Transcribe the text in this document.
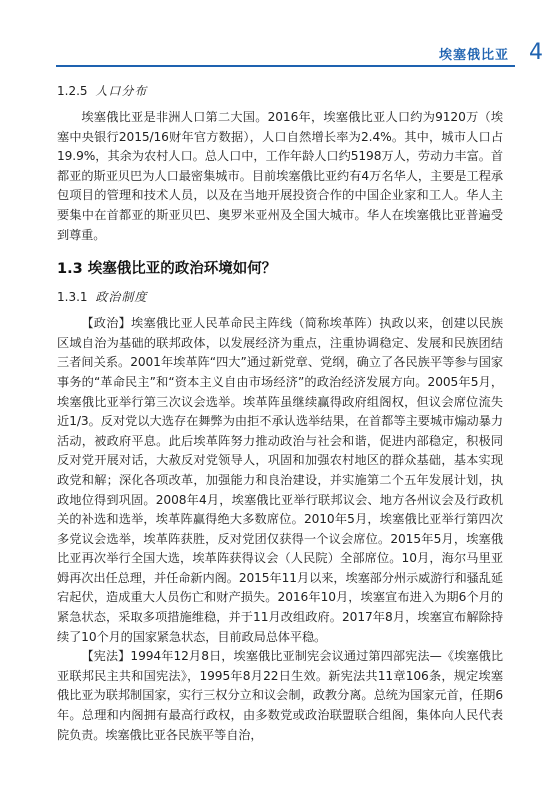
埃塞俄比亚 4

1.2.5 人口分布

埃塞俄比亚是非洲人口第二大国。2016年，埃塞俄比亚人口约为9120万（埃塞中央银行2015/16财年官方数据），人口自然增长率为2.4%。其中，城市人口占19.9%，其余为农村人口。总人口中，工作年龄人口约5198万人，劳动力丰富。首都亚的斯亚贝巴为人口最密集城市。目前埃塞俄比亚约有4万名华人，主要是工程承包项目的管理和技术人员，以及在当地开展投资合作的中国企业家和工人。华人主要集中在首都亚的斯亚贝巴、奥罗米亚州及全国大城市。华人在埃塞俄比亚普遍受到尊重。

1.3 埃塞俄比亚的政治环境如何？

1.3.1 政治制度

【政治】埃塞俄比亚人民革命民主阵线（简称埃革阵）执政以来，创建以民族区域自治为基础的联邦政体，以发展经济为重点，注重协调稳定、发展和民族团结三者间关系。2001年埃革阵“四大”通过新党章、党纲，确立了各民族平等参与国家事务的“革命民主”和“资本主义自由市场经济”的政治经济发展方向。2005年5月，埃塞俄比亚举行第三次议会选举。埃革阵虽继续赢得政府组阁权，但议会席位流失近1/3。反对党以大选存在舞弊为由拒不承认选举结果，在首都等主要城市煽动暴力活动，被政府平息。此后埃革阵努力推动政治与社会和谐，促进内部稳定，积极同反对党开展对话，大赦反对党领导人，巩固和加强农村地区的群众基础，基本实现政党和解；深化各项改革，加强能力和良治建设，并实施第二个五年发展计划，执政地位得到巩固。2008年4月，埃塞俄比亚举行联邦议会、地方各州议会及行政机关的补选和选举，埃革阵赢得绝大多数席位。2010年5月，埃塞俄比亚举行第四次多党议会选举，埃革阵获胜，反对党团仅获得一个议会席位。2015年5月，埃塞俄比亚再次举行全国大选，埃革阵获得议会（人民院）全部席位。10月，海尔马里亚姆再次出任总理，并任命新内阁。2015年11月以来，埃塞部分州示威游行和骚乱延宕起伏，造成重大人员伤亡和财产损失。2016年10月，埃塞宣布进入为期6个月的紧急状态，采取多项措施维稳，并于11月改组政府。2017年8月，埃塞宣布解除持续了10个月的国家紧急状态，目前政局总体平稳。

【宪法】1994年12月8日，埃塞俄比亚制宪会议通过第四部宪法—《埃塞俄比亚联邦民主共和国宪法》，1995年8月22日生效。新宪法共11章106条，规定埃塞俄比亚为联邦制国家，实行三权分立和议会制，政教分离。总统为国家元首，任期6年。总理和内阁拥有最高行政权，由多数党或政治联盟联合组阁，集体向人民代表院负责。埃塞俄比亚各民族平等自治，
